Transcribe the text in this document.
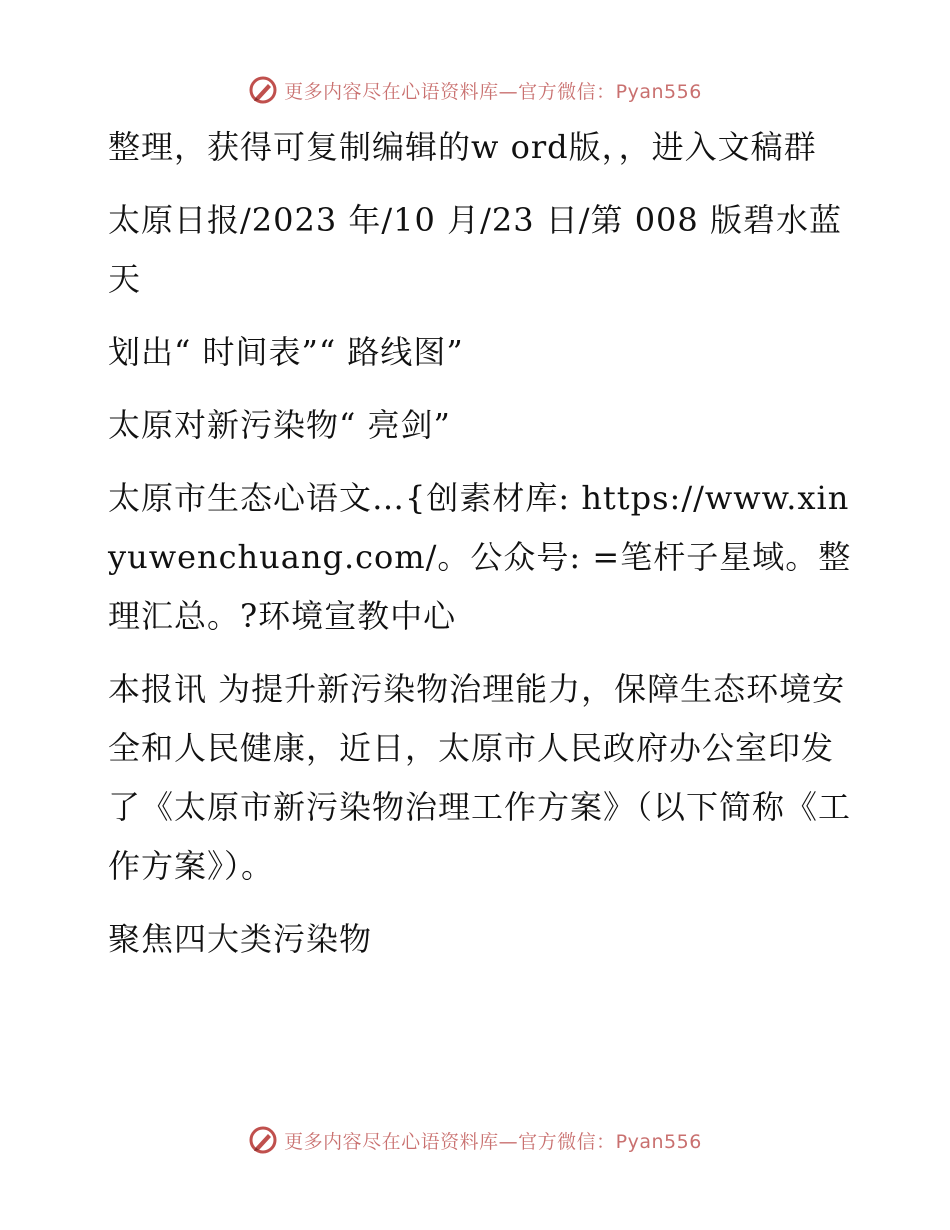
更多内容尽在心语资料库—官方微信：Pyan556

整理，获得可复制编辑的w ord版，，进入文稿群

太原日报/2023 年/10 月/23 日/第 008 版碧水蓝天

划出“ 时间表”“ 路线图”

太原对新污染物“ 亮剑”

太原市生态心语文…{创素材库: https://www.xinyuwenchuang.com/。公众号: =笔杆子星域。整理汇总。?环境宣教中心

本报讯 为提升新污染物治理能力，保障生态环境安全和人民健康，近日，太原市人民政府办公室印发了《太原市新污染物治理工作方案》（以下简称《工作方案》）。

聚焦四大类污染物

更多内容尽在心语资料库—官方微信：Pyan556
